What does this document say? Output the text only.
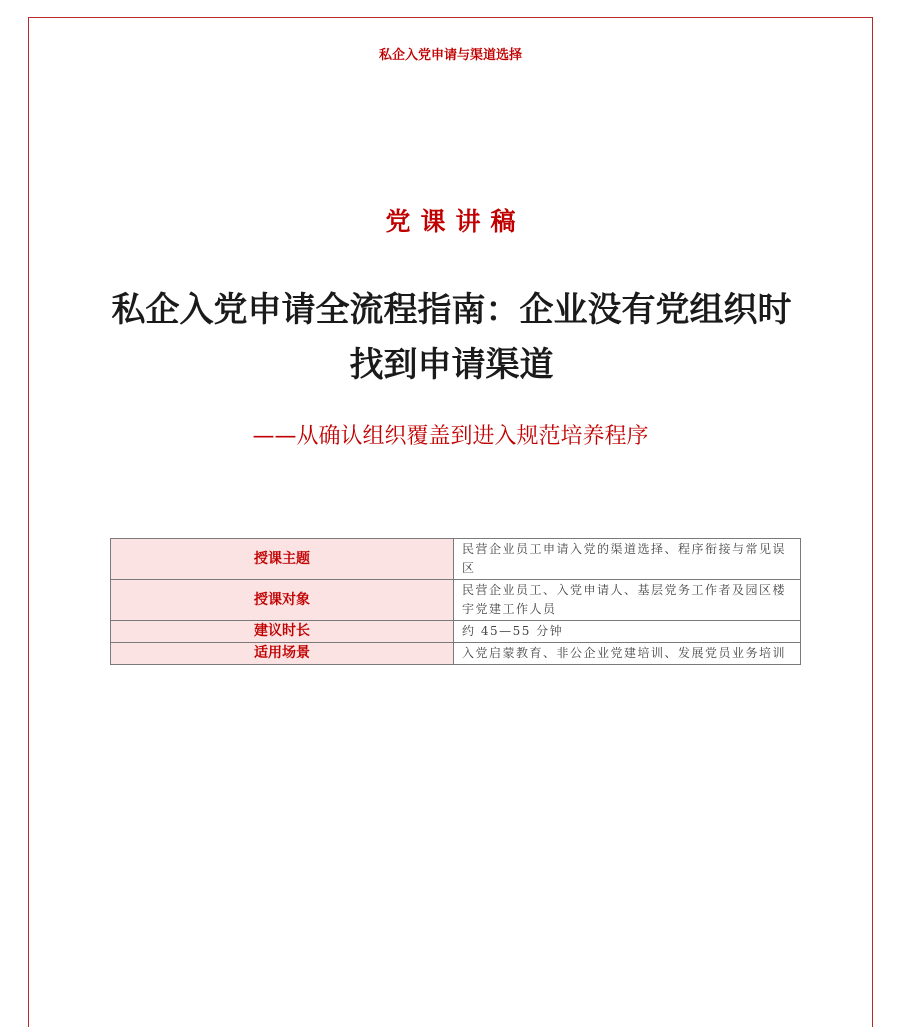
私企入党申请与渠道选择
党课讲稿
私企入党申请全流程指南：企业没有党组织时找到申请渠道
——从确认组织覆盖到进入规范培养程序
授课主题	民营企业员工申请入党的渠道选择、程序衔接与常见误区
授课对象	民营企业员工、入党申请人、基层党务工作者及园区楼宇党建工作人员
建议时长	约 45—55 分钟
适用场景	入党启蒙教育、非公企业党建培训、发展党员业务培训
